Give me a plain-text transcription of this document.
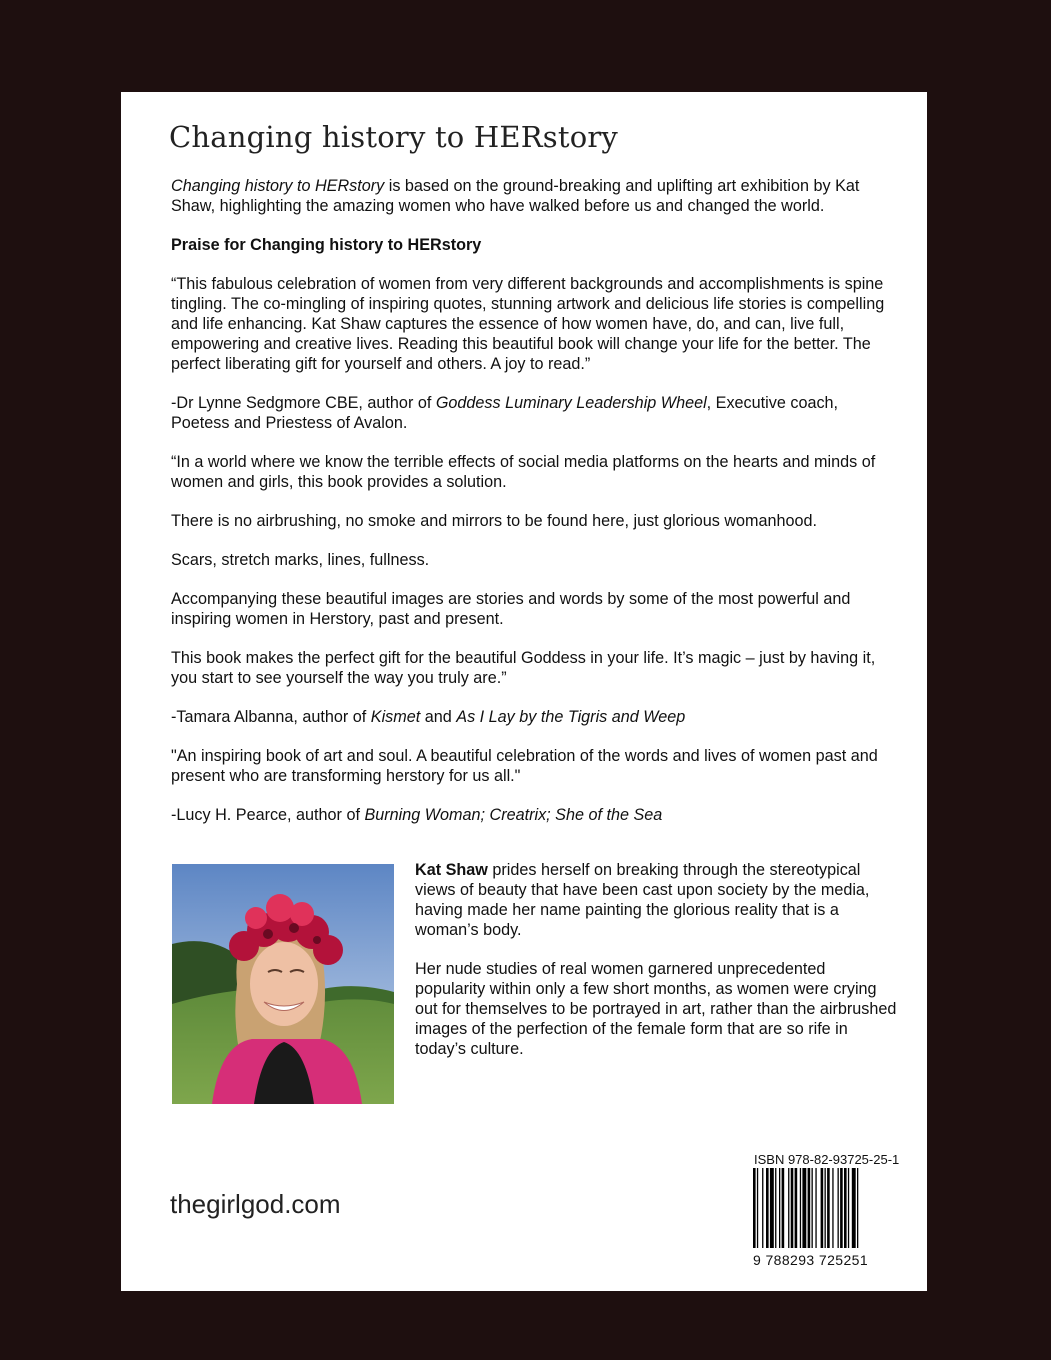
Changing history to HERstory

Changing history to HERstory is based on the ground-breaking and uplifting art exhibition by Kat Shaw, highlighting the amazing women who have walked before us and changed the world.

Praise for Changing history to HERstory

“This fabulous celebration of women from very different backgrounds and accomplishments is spine tingling. The co-mingling of inspiring quotes, stunning artwork and delicious life stories is compelling and life enhancing. Kat Shaw captures the essence of how women have, do, and can, live full, empowering and creative lives. Reading this beautiful book will change your life for the better. The perfect liberating gift for yourself and others. A joy to read.”

-Dr Lynne Sedgmore CBE, author of Goddess Luminary Leadership Wheel, Executive coach, Poetess and Priestess of Avalon.

“In a world where we know the terrible effects of social media platforms on the hearts and minds of women and girls, this book provides a solution.

There is no airbrushing, no smoke and mirrors to be found here, just glorious womanhood.

Scars, stretch marks, lines, fullness.

Accompanying these beautiful images are stories and words by some of the most powerful and inspiring women in Herstory, past and present.

This book makes the perfect gift for the beautiful Goddess in your life. It’s magic – just by having it, you start to see yourself the way you truly are.”

-Tamara Albanna, author of Kismet and As I Lay by the Tigris and Weep

"An inspiring book of art and soul. A beautiful celebration of the words and lives of women past and present who are transforming herstory for us all."

-Lucy H. Pearce, author of Burning Woman; Creatrix; She of the Sea

Kat Shaw prides herself on breaking through the stereotypical views of beauty that have been cast upon society by the media, having made her name painting the glorious reality that is a woman’s body.

Her nude studies of real women garnered unprecedented popularity within only a few short months, as women were crying out for themselves to be portrayed in art, rather than the airbrushed images of the perfection of the female form that are so rife in today’s culture.

thegirlgod.com
ISBN 978-82-93725-25-1
9 788293 725251
